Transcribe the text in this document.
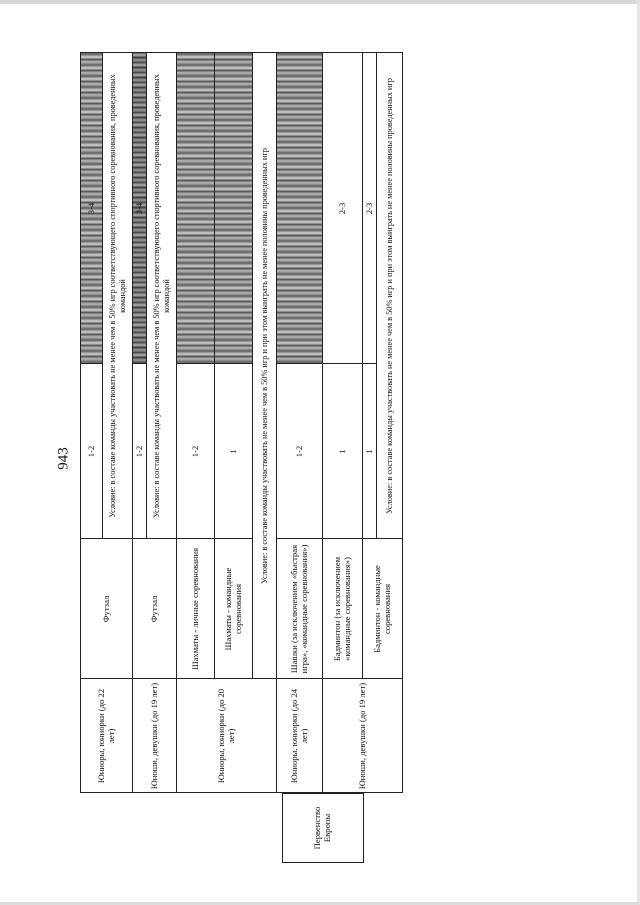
943
	Юниоры, юниорки (до 22 лет)	Футзал	1-2	3-4
			Условие: в составе команды участвовать не менее чем в 50% игр соответствующего спортивного соревнования, проведенных командой	
	Юноши, девушки (до 19 лет)	Футзал	1-2	3-4
			Условие: в составе команды участвовать не менее чем в 50% игр соответствующего спортивного соревнования, проведенных командой	
	Юниоры, юниорки (до 20 лет)	Шахматы - личные соревнования	1-2	
		Шахматы - командные соревнования	1	
		Условие: в составе команды участвовать не менее чем в 50% игр и при этом выиграть не менее половины проведенных игр		
	Юниоры, юниорки (до 24 лет)	Шашки (за исключением «быстрая игра», «командные соревнования»)	1-2	
	Юноши, девушки (до 19 лет)	Бадминтон (за исключением «командные соревнования»)	1	2-3
		Бадминтон - командные соревнования	1	2-3
			Условие: в составе команды участвовать не менее чем в 50% игр и при этом выиграть не менее половины проведенных игр	
Первенство Европы
